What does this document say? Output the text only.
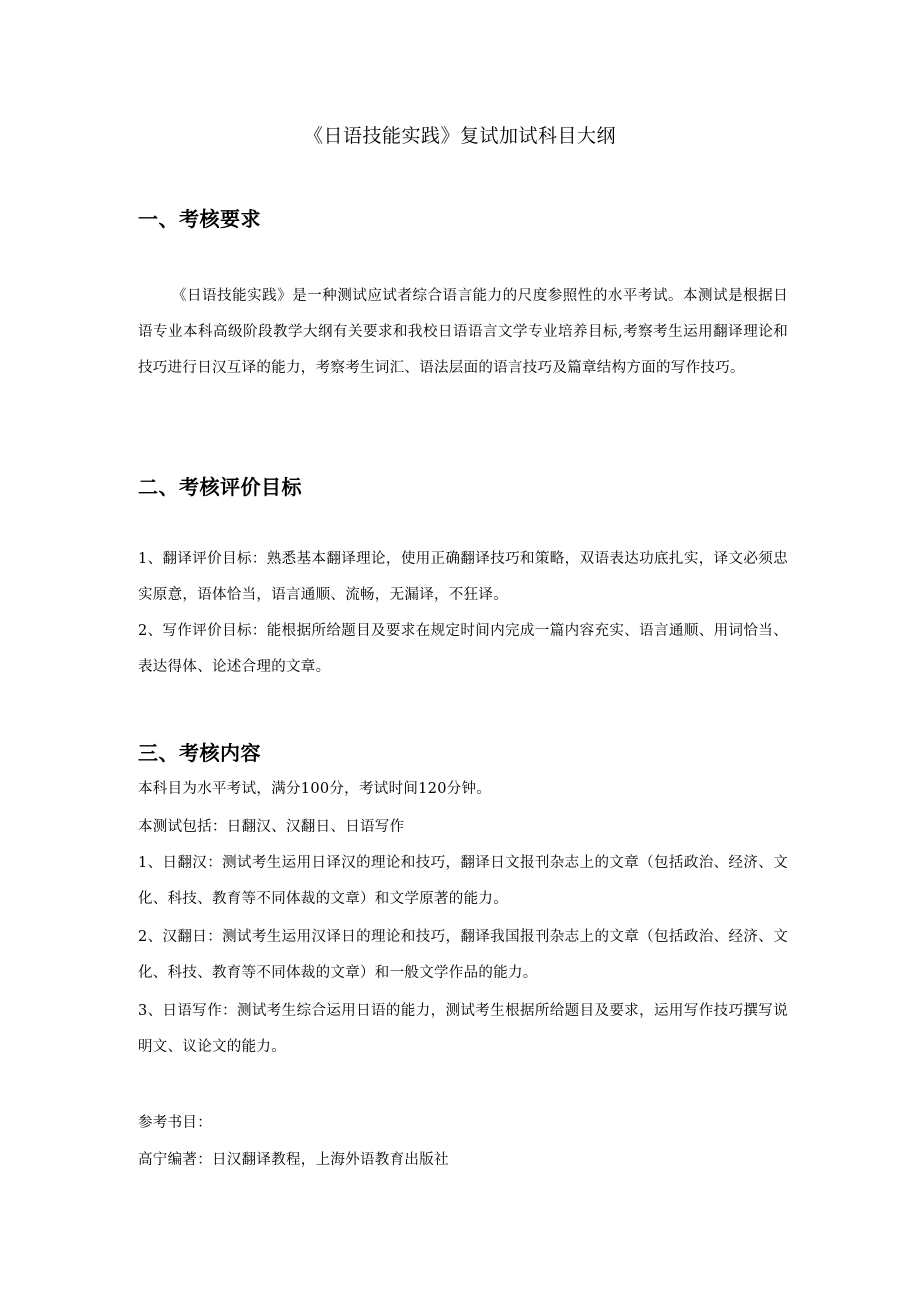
《日语技能实践》复试加试科目大纲
一、考核要求

《日语技能实践》是一种测试应试者综合语言能力的尺度参照性的水平考试。本测试是根据日语专业本科高级阶段教学大纲有关要求和我校日语语言文学专业培养目标,考察考生运用翻译理论和技巧进行日汉互译的能力，考察考生词汇、语法层面的语言技巧及篇章结构方面的写作技巧。

二、考核评价目标

1、翻译评价目标：熟悉基本翻译理论，使用正确翻译技巧和策略，双语表达功底扎实，译文必须忠实原意，语体恰当，语言通顺、流畅，无漏译，不狂译。

2、写作评价目标：能根据所给题目及要求在规定时间内完成一篇内容充实、语言通顺、用词恰当、表达得体、论述合理的文章。

三、考核内容

本科目为水平考试，满分100分，考试时间120分钟。

本测试包括：日翻汉、汉翻日、日语写作

1、日翻汉：测试考生运用日译汉的理论和技巧，翻译日文报刊杂志上的文章（包括政治、经济、文化、科技、教育等不同体裁的文章）和文学原著的能力。

2、汉翻日：测试考生运用汉译日的理论和技巧，翻译我国报刊杂志上的文章（包括政治、经济、文化、科技、教育等不同体裁的文章）和一般文学作品的能力。

3、日语写作：测试考生综合运用日语的能力，测试考生根据所给题目及要求，运用写作技巧撰写说明文、议论文的能力。

参考书目：

高宁编著：日汉翻译教程，上海外语教育出版社
